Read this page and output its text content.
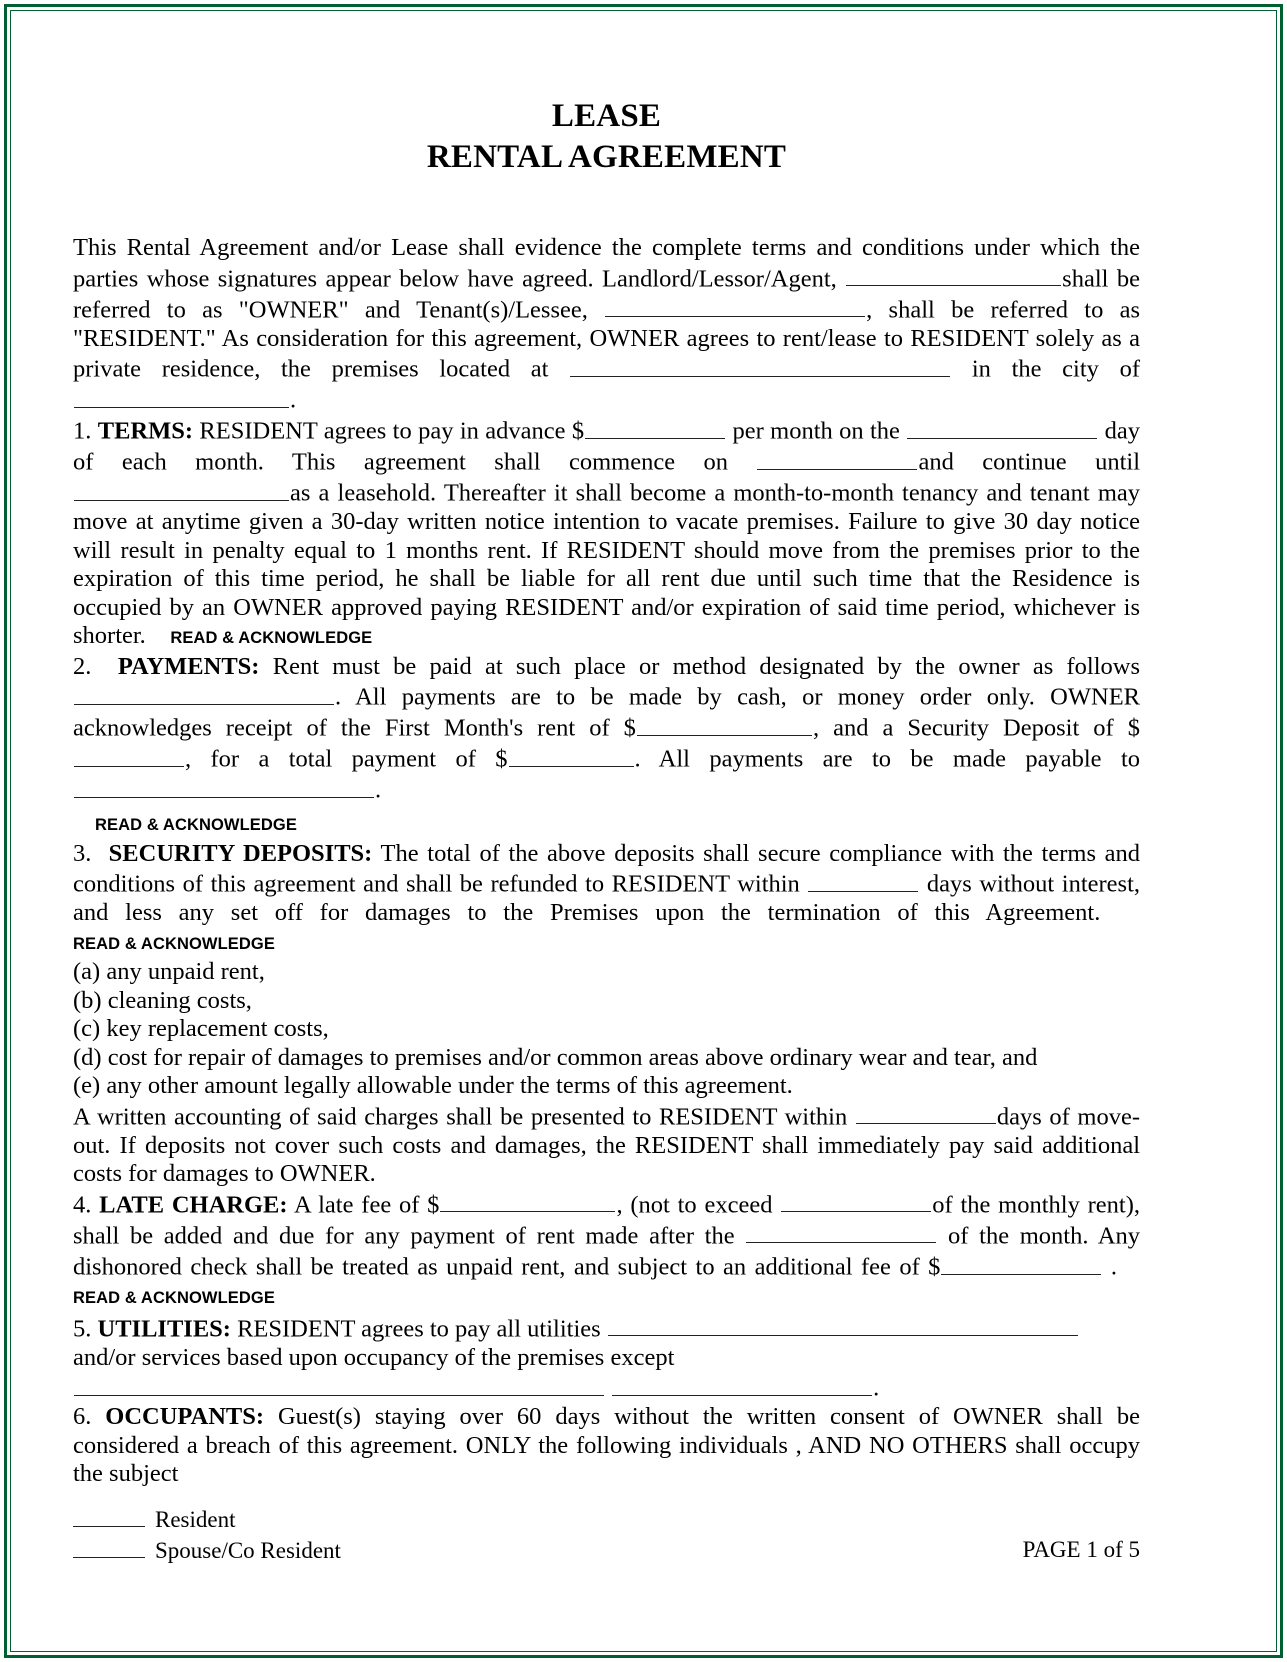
LEASE
RENTAL AGREEMENT

This Rental Agreement and/or Lease shall evidence the complete terms and conditions under which the parties whose signatures appear below have agreed. Landlord/Lessor/Agent,	shall be referred to as "OWNER" and Tenant(s)/Lessee,	, shall be referred to as "RESIDENT." As consideration for this agreement, OWNER agrees to rent/lease to RESIDENT solely as a private residence, the premises located at	in the city of .

1. TERMS: RESIDENT agrees to pay in advance $	per month on the	day of each month. This agreement shall commence on	and continue until as a leasehold. Thereafter it shall become a month-to-month tenancy and tenant may move at anytime given a 30-day written notice intention to vacate premises. Failure to give 30 day notice will result in penalty equal to 1 months rent. If RESIDENT should move from the premises prior to the expiration of this time period, he shall be liable for all rent due until such time that the Residence is occupied by an OWNER approved paying RESIDENT and/or expiration of said time period, whichever is shorter. READ & ACKNOWLEDGE

2. PAYMENTS: Rent must be paid at such place or method designated by the owner as follows . All payments are to be made by cash, or money order only. OWNER acknowledges receipt of the First Month's rent of $	, and a Security Deposit of $, for a total payment of $	. All payments are to be made payable to .

READ & ACKNOWLEDGE

3. SECURITY DEPOSITS: The total of the above deposits shall secure compliance with the terms and conditions of this agreement and shall be refunded to RESIDENT within	days without interest, and less any set off for damages to the Premises upon the termination of this Agreement.    READ & ACKNOWLEDGE

(a) any unpaid rent,

(b) cleaning costs,

(c) key replacement costs,

(d) cost for repair of damages to premises and/or common areas above ordinary wear and tear, and

(e) any other amount legally allowable under the terms of this agreement.

A written accounting of said charges shall be presented to RESIDENT within	days of move-out. If deposits not cover such costs and damages, the RESIDENT shall immediately pay said additional costs for damages to OWNER.

4. LATE CHARGE: A late fee of $	, (not to exceed	of the monthly rent), shall be added and due for any payment of rent made after the	of the month. Any dishonored check shall be treated as unpaid rent, and subject to an additional fee of $	.    READ & ACKNOWLEDGE

5. UTILITIES: RESIDENT agrees to pay all utilities and/or services based upon occupancy of the premises except  .

6. OCCUPANTS: Guest(s) staying over 60 days without the written consent of OWNER shall be considered a breach of this agreement. ONLY the following individuals , AND NO OTHERS shall occupy the subject

Resident
Spouse/Co Resident	PAGE 1 of 5
